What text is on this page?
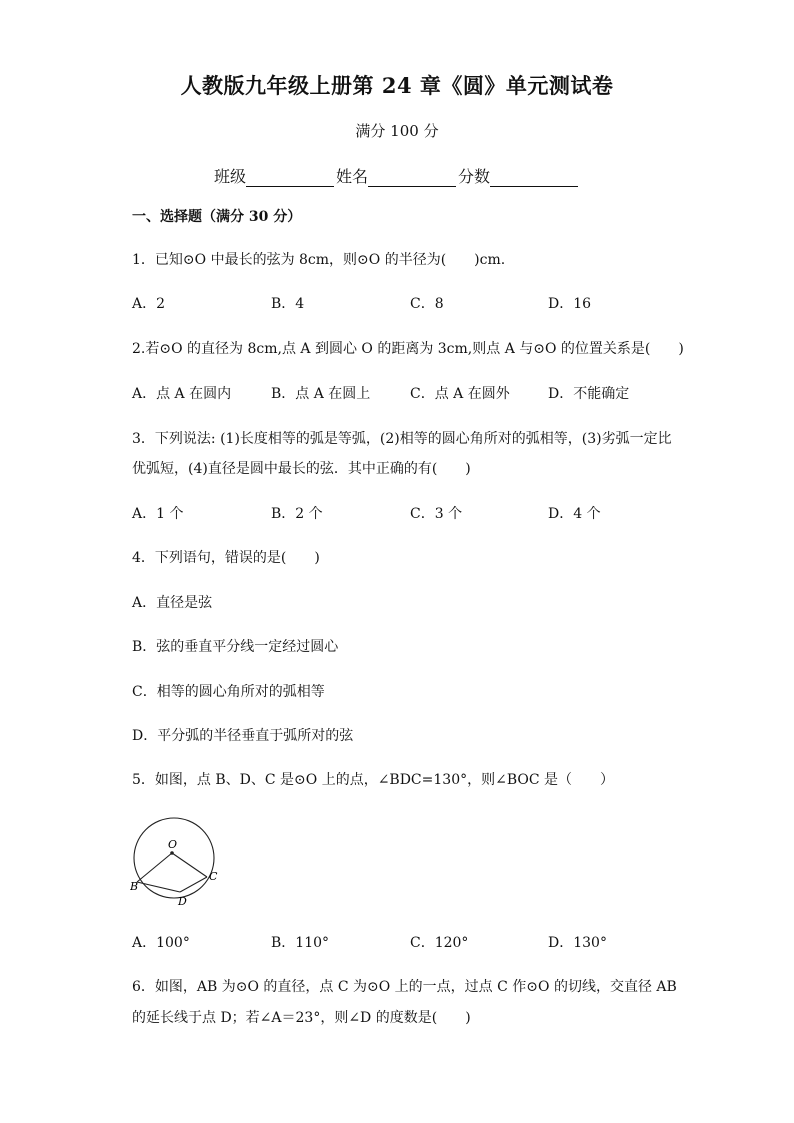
人教版九年级上册第 24 章《圆》单元测试卷
满分 100 分
班级	姓名	分数
一、选择题（满分 30 分）
1．已知⊙O 中最长的弦为 8cm，则⊙O 的半径为(　　)cm.
A．2	B．4	C．8	D．16
2.若⊙O 的直径为 8cm,点 A 到圆心 O 的距离为 3cm,则点 A 与⊙O 的位置关系是(　　)
A．点 A 在圆内	B．点 A 在圆上	C．点 A 在圆外	D．不能确定
3．下列说法: (1)长度相等的弧是等弧，(2)相等的圆心角所对的弧相等，(3)劣弧一定比
优弧短，(4)直径是圆中最长的弦．其中正确的有(　　)
A．1 个	B．2 个	C．3 个	D．4 个
4．下列语句，错误的是(　　)
A．直径是弦
B．弦的垂直平分线一定经过圆心
C．相等的圆心角所对的弧相等
D．平分弧的半径垂直于弧所对的弦
5．如图，点 B、D、C 是⊙O 上的点，∠BDC=130°，则∠BOC 是（　　）
O
B
C
D
A．100°	B．110°	C．120°	D．130°
6．如图，AB 为⊙O 的直径，点 C 为⊙O 上的一点，过点 C 作⊙O 的切线，交直径 AB
的延长线于点 D；若∠A＝23°，则∠D 的度数是(　　)
